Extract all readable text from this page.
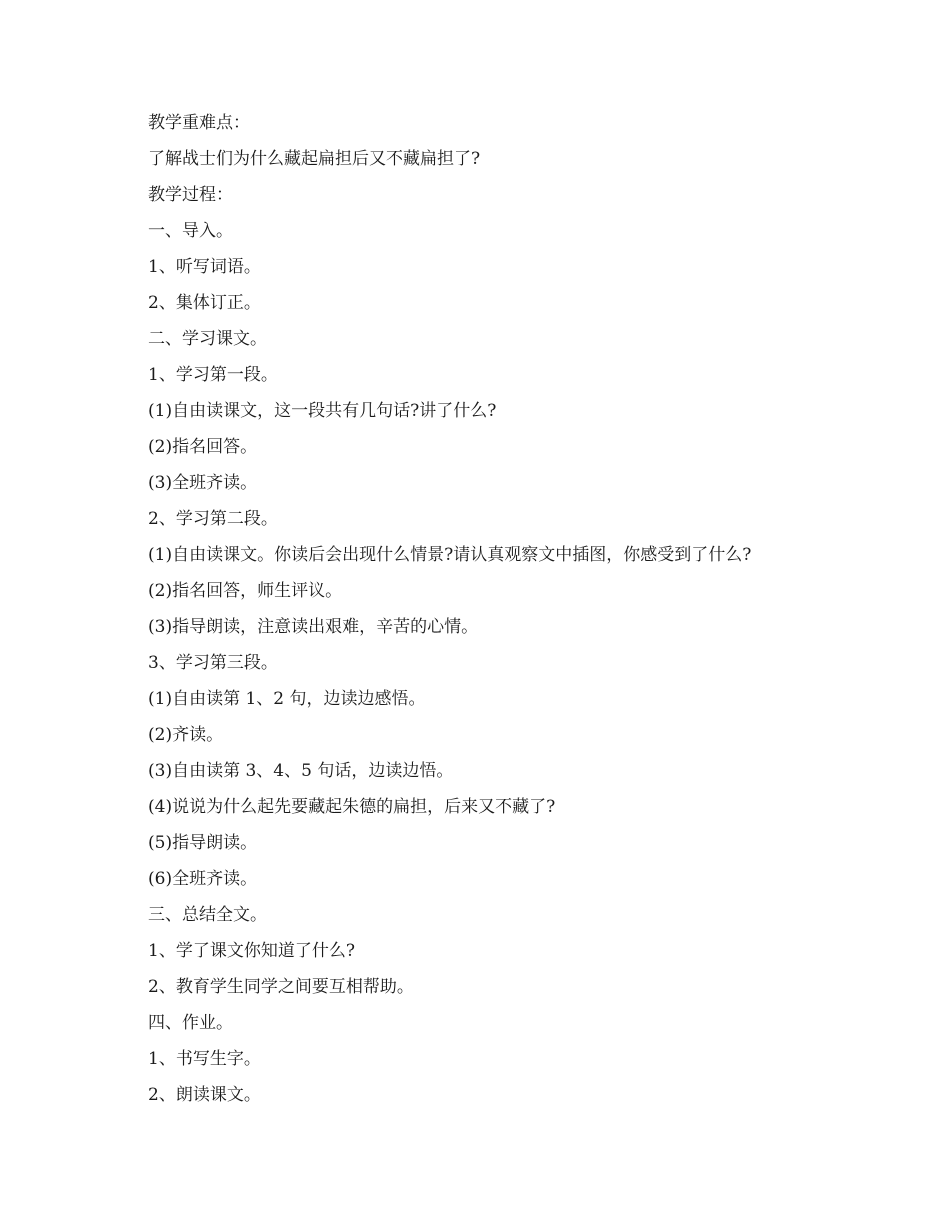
教学重难点：
了解战士们为什么藏起扁担后又不藏扁担了?
教学过程：
一、导入。
1、听写词语。
2、集体订正。
二、学习课文。
1、学习第一段。
(1)自由读课文，这一段共有几句话?讲了什么?
(2)指名回答。
(3)全班齐读。
2、学习第二段。
(1)自由读课文。你读后会出现什么情景?请认真观察文中插图，你感受到了什么?
(2)指名回答，师生评议。
(3)指导朗读，注意读出艰难，辛苦的心情。
3、学习第三段。
(1)自由读第 1、2 句，边读边感悟。
(2)齐读。
(3)自由读第 3、4、5 句话，边读边悟。
(4)说说为什么起先要藏起朱德的扁担，后来又不藏了?
(5)指导朗读。
(6)全班齐读。
三、总结全文。
1、学了课文你知道了什么?
2、教育学生同学之间要互相帮助。
四、作业。
1、书写生字。
2、朗读课文。
